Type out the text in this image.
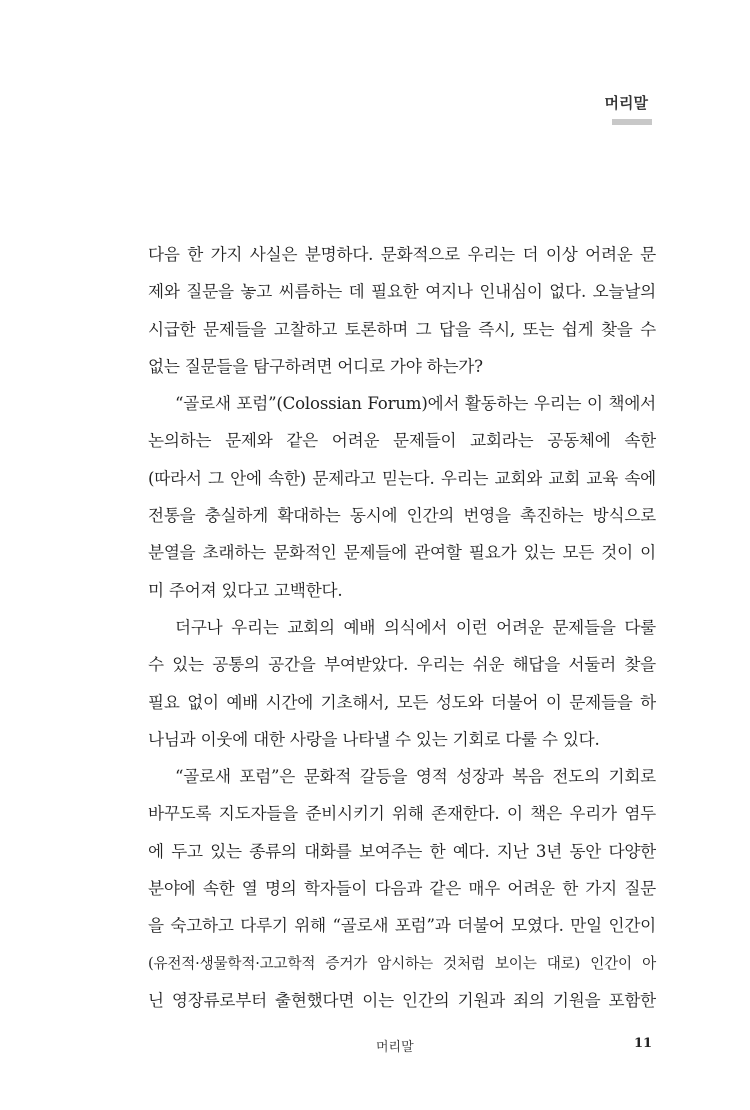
머리말
다음 한 가지 사실은 분명하다. 문화적으로 우리는 더 이상 어려운 문
제와 질문을 놓고 씨름하는 데 필요한 여지나 인내심이 없다. 오늘날의
시급한 문제들을 고찰하고 토론하며 그 답을 즉시, 또는 쉽게 찾을 수
없는 질문들을 탐구하려면 어디로 가야 하는가?
“골로새 포럼”(Colossian Forum)에서 활동하는 우리는 이 책에서
논의하는 문제와 같은 어려운 문제들이 교회라는 공동체에 속한
(따라서 그 안에 속한) 문제라고 믿는다. 우리는 교회와 교회 교육 속에
전통을 충실하게 확대하는 동시에 인간의 번영을 촉진하는 방식으로
분열을 초래하는 문화적인 문제들에 관여할 필요가 있는 모든 것이 이
미 주어져 있다고 고백한다.
더구나 우리는 교회의 예배 의식에서 이런 어려운 문제들을 다룰
수 있는 공통의 공간을 부여받았다. 우리는 쉬운 해답을 서둘러 찾을
필요 없이 예배 시간에 기초해서, 모든 성도와 더불어 이 문제들을 하
나님과 이웃에 대한 사랑을 나타낼 수 있는 기회로 다룰 수 있다.
“골로새 포럼”은 문화적 갈등을 영적 성장과 복음 전도의 기회로
바꾸도록 지도자들을 준비시키기 위해 존재한다. 이 책은 우리가 염두
에 두고 있는 종류의 대화를 보여주는 한 예다. 지난 3년 동안 다양한
분야에 속한 열 명의 학자들이 다음과 같은 매우 어려운 한 가지 질문
을 숙고하고 다루기 위해 “골로새 포럼”과 더불어 모였다. 만일 인간이
(유전적·생물학적·고고학적 증거가 암시하는 것처럼 보이는 대로) 인간이 아
닌 영장류로부터 출현했다면 이는 인간의 기원과 죄의 기원을 포함한
머리말	11
